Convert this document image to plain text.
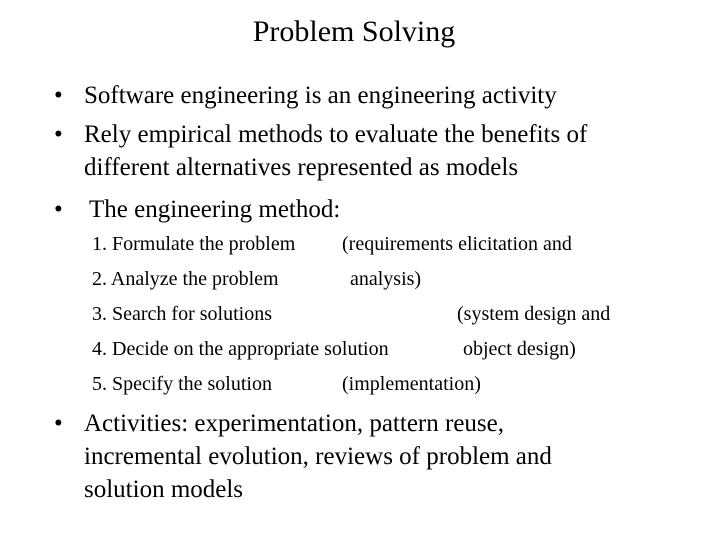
Problem Solving
• Software engineering is an engineering activity
• Rely empirical methods to evaluate the benefits of
different alternatives represented as models
• The engineering method:
1. Formulate the problem
2. Analyze the problem
3. Search for solutions
4. Decide on the appropriate solution
5. Specify the solution
(requirements elicitation and
analysis)
(system design and
object design)
(implementation)
• Activities: experimentation, pattern reuse,
incremental evolution, reviews of problem and
solution models
